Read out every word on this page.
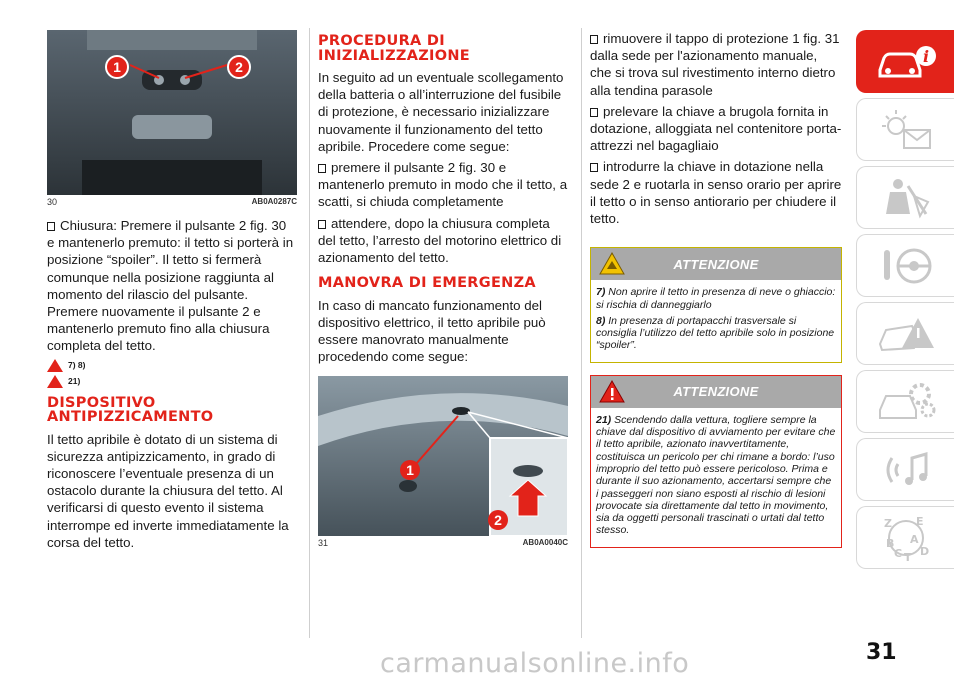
1	2
30	AB0A0287C

Chiusura: Premere il pulsante 2 fig. 30 e mantenerlo premuto: il tetto si porterà in posizione “spoiler”. Il tetto si fermerà comunque nella posizione raggiunta al momento del rilascio del pulsante. Premere nuovamente il pulsante 2 e mantenerlo premuto fino alla chiusura completa del tetto.

7) 8)
21)
DISPOSITIVO ANTIPIZZICAMENTO

Il tetto apribile è dotato di un sistema di sicurezza antipizzicamento, in grado di riconoscere l’eventuale presenza di un ostacolo durante la chiusura del tetto. Al verificarsi di questo evento il sistema interrompe ed inverte immediatamente la corsa del tetto.

PROCEDURA DI INIZIALIZZAZIONE

In seguito ad un eventuale scollegamento della batteria o all’interruzione del fusibile di protezione, è necessario inizializzare nuovamente il funzionamento del tetto apribile. Procedere come segue:

premere il pulsante 2 fig. 30 e mantenerlo premuto in modo che il tetto, a scatti, si chiuda completamente

attendere, dopo la chiusura completa del tetto, l’arresto del motorino elettrico di azionamento del tetto.

MANOVRA DI EMERGENZA

In caso di mancato funzionamento del dispositivo elettrico, il tetto apribile può essere manovrato manualmente procedendo come segue:

1
2
31	AB0A0040C

rimuovere il tappo di protezione 1 fig. 31 dalla sede per l'azionamento manuale, che si trova sul rivestimento interno dietro alla tendina parasole

prelevare la chiave a brugola fornita in dotazione, alloggiata nel contenitore porta-attrezzi nel bagagliaio

introdurre la chiave in dotazione nella sede 2 e ruotarla in senso orario per aprire il tetto o in senso antiorario per chiudere il tetto.

ATTENZIONE

7) Non aprire il tetto in presenza di neve o ghiaccio: si rischia di danneggiarlo

8) In presenza di portapacchi trasversale si consiglia l’utilizzo del tetto apribile solo in posizione “spoiler”.

ATTENZIONE

21) Scendendo dalla vettura, togliere sempre la chiave dal dispositivo di avviamento per evitare che il tetto apribile, azionato inavvertitamente, costituisca un pericolo per chi rimane a bordo: l’uso improprio del tetto può essere pericoloso. Prima e durante il suo azionamento, accertarsi sempre che i passeggeri non siano esposti al rischio di lesioni provocate sia direttamente dal tetto in movimento, sia da oggetti personali trascinati o urtati dal tetto stesso.

i
Z E
B A
C T D
31
carmanualsonline.info
